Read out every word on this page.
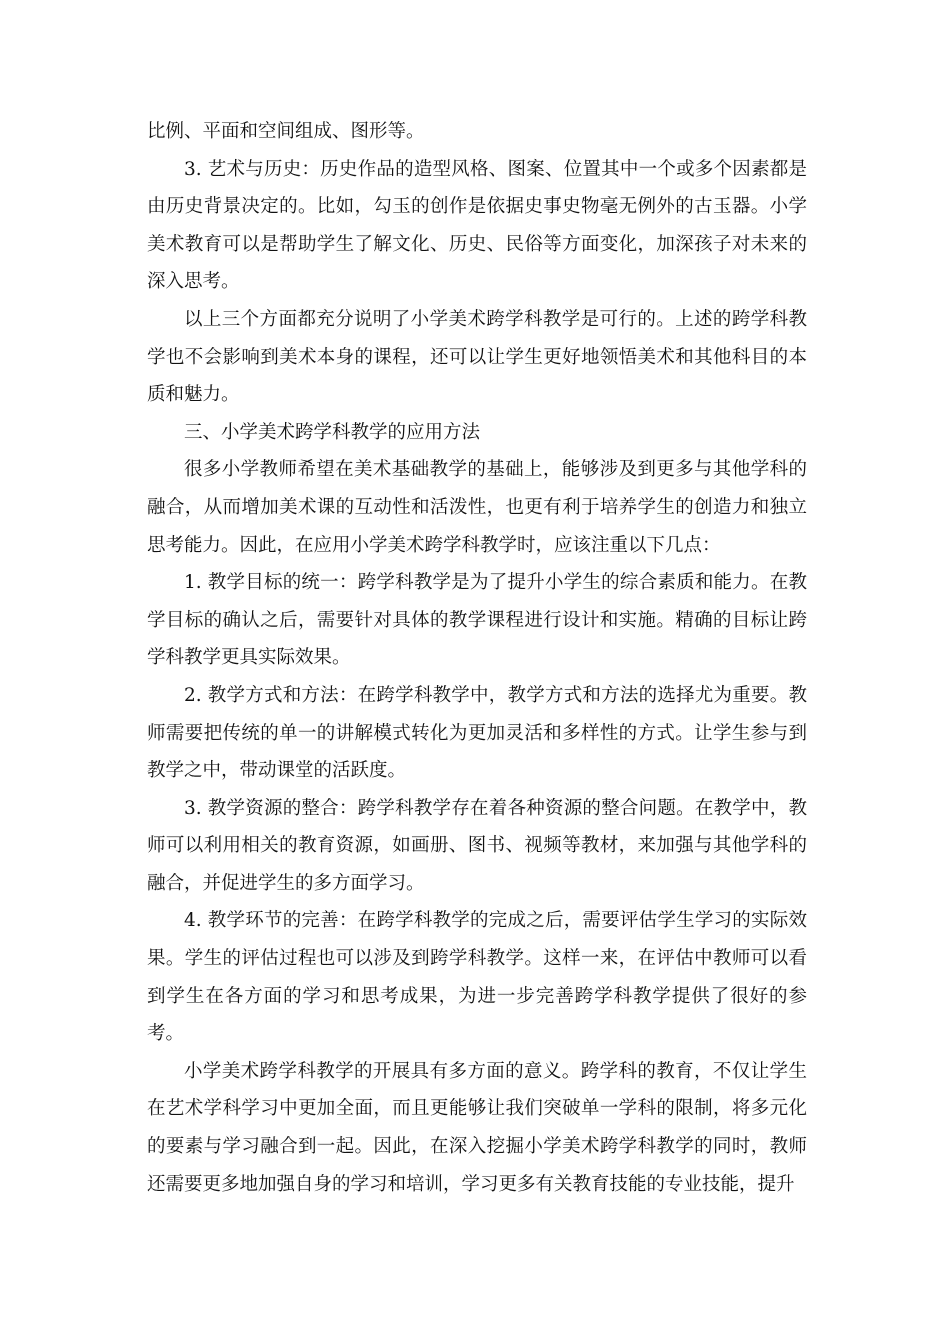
比例、平面和空间组成、图形等。

3. 艺术与历史：历史作品的造型风格、图案、位置其中一个或多个因素都是由历史背景决定的。比如，勾玉的创作是依据史事史物毫无例外的古玉器。小学美术教育可以是帮助学生了解文化、历史、民俗等方面变化，加深孩子对未来的深入思考。

以上三个方面都充分说明了小学美术跨学科教学是可行的。上述的跨学科教学也不会影响到美术本身的课程，还可以让学生更好地领悟美术和其他科目的本质和魅力。

三、小学美术跨学科教学的应用方法

很多小学教师希望在美术基础教学的基础上，能够涉及到更多与其他学科的融合，从而增加美术课的互动性和活泼性，也更有利于培养学生的创造力和独立思考能力。因此，在应用小学美术跨学科教学时，应该注重以下几点：

1. 教学目标的统一：跨学科教学是为了提升小学生的综合素质和能力。在教学目标的确认之后，需要针对具体的教学课程进行设计和实施。精确的目标让跨学科教学更具实际效果。

2. 教学方式和方法：在跨学科教学中，教学方式和方法的选择尤为重要。教师需要把传统的单一的讲解模式转化为更加灵活和多样性的方式。让学生参与到教学之中，带动课堂的活跃度。

3. 教学资源的整合：跨学科教学存在着各种资源的整合问题。在教学中，教师可以利用相关的教育资源，如画册、图书、视频等教材，来加强与其他学科的融合，并促进学生的多方面学习。

4. 教学环节的完善：在跨学科教学的完成之后，需要评估学生学习的实际效果。学生的评估过程也可以涉及到跨学科教学。这样一来，在评估中教师可以看到学生在各方面的学习和思考成果，为进一步完善跨学科教学提供了很好的参考。

小学美术跨学科教学的开展具有多方面的意义。跨学科的教育，不仅让学生在艺术学科学习中更加全面，而且更能够让我们突破单一学科的限制，将多元化的要素与学习融合到一起。因此，在深入挖掘小学美术跨学科教学的同时，教师还需要更多地加强自身的学习和培训，学习更多有关教育技能的专业技能，提升
